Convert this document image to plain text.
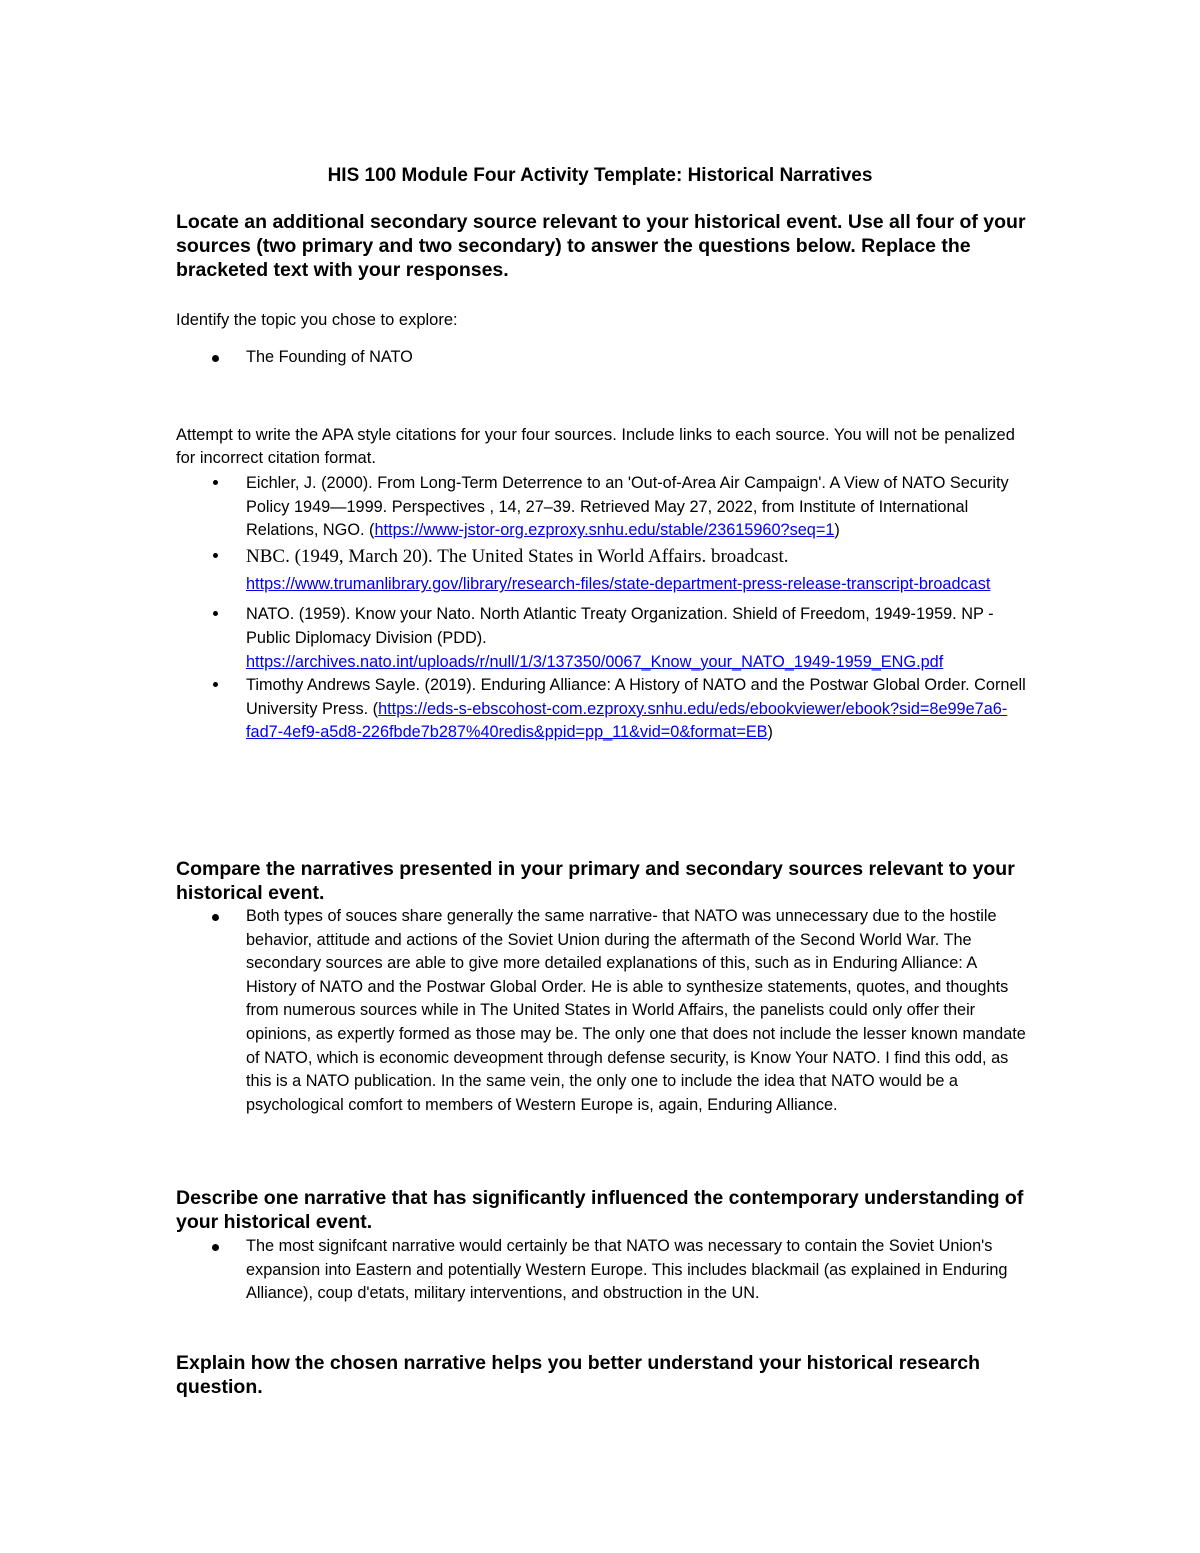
HIS 100 Module Four Activity Template: Historical Narratives
Locate an additional secondary source relevant to your historical event. Use all four of your sources (two primary and two secondary) to answer the questions below. Replace the bracketed text with your responses.
Identify the topic you chose to explore:
The Founding of NATO
Attempt to write the APA style citations for your four sources. Include links to each source. You will not be penalized for incorrect citation format.
Eichler, J. (2000). From Long-Term Deterrence to an 'Out-of-Area Air Campaign'. A View of NATO Security Policy 1949—1999. Perspectives , 14, 27–39. Retrieved May 27, 2022, from Institute of International Relations, NGO. (https://www-jstor-org.ezproxy.snhu.edu/stable/23615960?seq=1)
NBC. (1949, March 20). The United States in World Affairs. broadcast.
https://www.trumanlibrary.gov/library/research-files/state-department-press-release-transcript-broadcast
NATO. (1959). Know your Nato. North Atlantic Treaty Organization. Shield of Freedom, 1949-1959. NP - Public Diplomacy Division (PDD). https://archives.nato.int/uploads/r/null/1/3/137350/0067_Know_your_NATO_1949-1959_ENG.pdf
Timothy Andrews Sayle. (2019). Enduring Alliance: A History of NATO and the Postwar Global Order. Cornell University Press. (https://eds-s-ebscohost-com.ezproxy.snhu.edu/eds/ebookviewer/ebook?sid=8e99e7a6-fad7-4ef9-a5d8-226fbde7b287%40redis&ppid=pp_11&vid=0&format=EB)
Compare the narratives presented in your primary and secondary sources relevant to your historical event.
Both types of souces share generally the same narrative- that NATO was unnecessary due to the hostile behavior, attitude and actions of the Soviet Union during the aftermath of the Second World War. The secondary sources are able to give more detailed explanations of this, such as in Enduring Alliance: A History of NATO and the Postwar Global Order. He is able to synthesize statements, quotes, and thoughts from numerous sources while in The United States in World Affairs, the panelists could only offer their opinions, as expertly formed as those may be. The only one that does not include the lesser known mandate of NATO, which is economic deveopment through defense security, is Know Your NATO. I find this odd, as this is a NATO publication. In the same vein, the only one to include the idea that NATO would be a psychological comfort to members of Western Europe is, again, Enduring Alliance.
Describe one narrative that has significantly influenced the contemporary understanding of your historical event.
The most signifcant narrative would certainly be that NATO was necessary to contain the Soviet Union's expansion into Eastern and potentially Western Europe. This includes blackmail (as explained in Enduring Alliance), coup d'etats, military interventions, and obstruction in the UN.
Explain how the chosen narrative helps you better understand your historical research question.
